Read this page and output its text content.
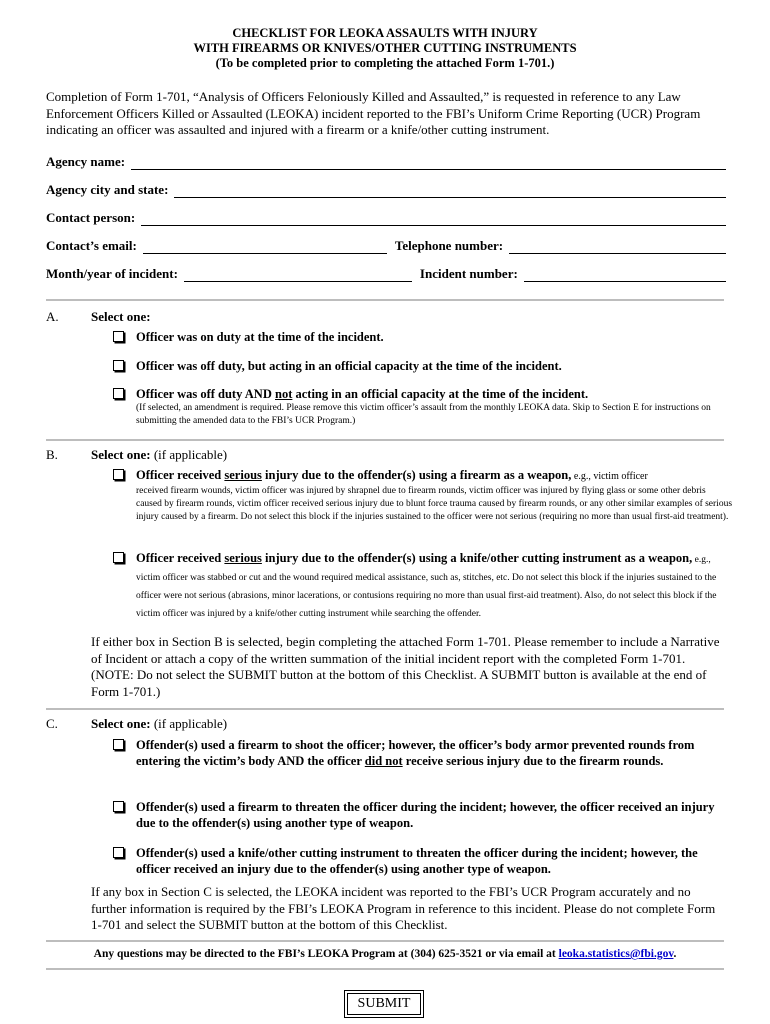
CHECKLIST FOR LEOKA ASSAULTS WITH INJURY
WITH FIREARMS OR KNIVES/OTHER CUTTING INSTRUMENTS
(To be completed prior to completing the attached Form 1-701.)
Completion of Form 1-701, “Analysis of Officers Feloniously Killed and Assaulted,” is requested in reference to any Law Enforcement Officers Killed or Assaulted (LEOKA) incident reported to the FBI’s Uniform Crime Reporting (UCR) Program indicating an officer was assaulted and injured with a firearm or a knife/other cutting instrument.
Agency name:
Agency city and state:
Contact person:
Contact’s email:	Telephone number:
Month/year of incident:	Incident number:
A. Select one:
Officer was on duty at the time of the incident.
Officer was off duty, but acting in an official capacity at the time of the incident.
Officer was off duty AND not acting in an official capacity at the time of the incident.
(If selected, an amendment is required. Please remove this victim officer’s assault from the monthly LEOKA data. Skip to Section E for instructions on submitting the amended data to the FBI’s UCR Program.)
B.	Select one: (if applicable)
Officer received serious injury due to the offender(s) using a firearm as a weapon, e.g., victim officer
received firearm wounds, victim officer was injured by shrapnel due to firearm rounds, victim officer was injured by flying glass or some other debris caused by firearm rounds, victim officer received serious injury due to blunt force trauma caused by firearm rounds, or any other similar examples of serious injury caused by a firearm. Do not select this block if the injuries sustained to the officer were not serious (requiring no more than usual first-aid treatment).
Officer received serious injury due to the offender(s) using a knife/other cutting instrument as a weapon, e.g., victim officer was stabbed or cut and the wound required medical assistance, such as, stitches, etc. Do not select this block if the injuries sustained to the officer were not serious (abrasions, minor lacerations, or contusions requiring no more than usual first-aid treatment). Also, do not select this block if the victim officer was injured by a knife/other cutting instrument while searching the offender.
If either box in Section B is selected, begin completing the attached Form 1-701. Please remember to include a Narrative of Incident or attach a copy of the written summation of the initial incident report with the completed Form 1-701. (NOTE: Do not select the SUBMIT button at the bottom of this Checklist. A SUBMIT button is available at the end of Form 1-701.)
C.	Select one: (if applicable)
Offender(s) used a firearm to shoot the officer; however, the officer’s body armor prevented rounds from entering the victim’s body AND the officer did not receive serious injury due to the firearm rounds.
Offender(s) used a firearm to threaten the officer during the incident; however, the officer received an injury due to the offender(s) using another type of weapon.
Offender(s) used a knife/other cutting instrument to threaten the officer during the incident; however, the officer received an injury due to the offender(s) using another type of weapon.
If any box in Section C is selected, the LEOKA incident was reported to the FBI’s UCR Program accurately and no further information is required by the FBI’s LEOKA Program in reference to this incident. Please do not complete Form 1-701 and select the SUBMIT button at the bottom of this Checklist.
Any questions may be directed to the FBI’s LEOKA Program at (304) 625-3521 or via email at leoka.statistics@fbi.gov.
SUBMIT
